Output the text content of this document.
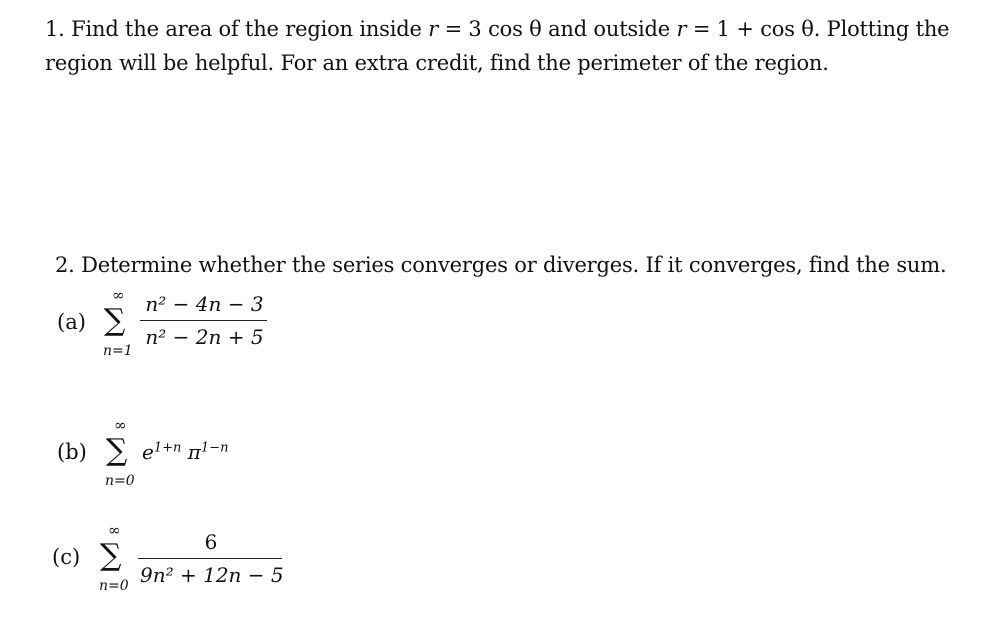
1. Find the area of the region inside r = 3 cos θ and outside r = 1 + cos θ. Plotting the region will be helpful. For an extra credit, find the perimeter of the region.
2. Determine whether the series converges or diverges. If it converges, find the sum.
(a)
∞
∑
n=1
n² − 4n − 3
n² − 2n + 5
(b)
∞
∑
n=0
$e^{1+n}$ $\pi^{1-n}$
(c)
∞
∑
n=0
6
9n² + 12n − 5
